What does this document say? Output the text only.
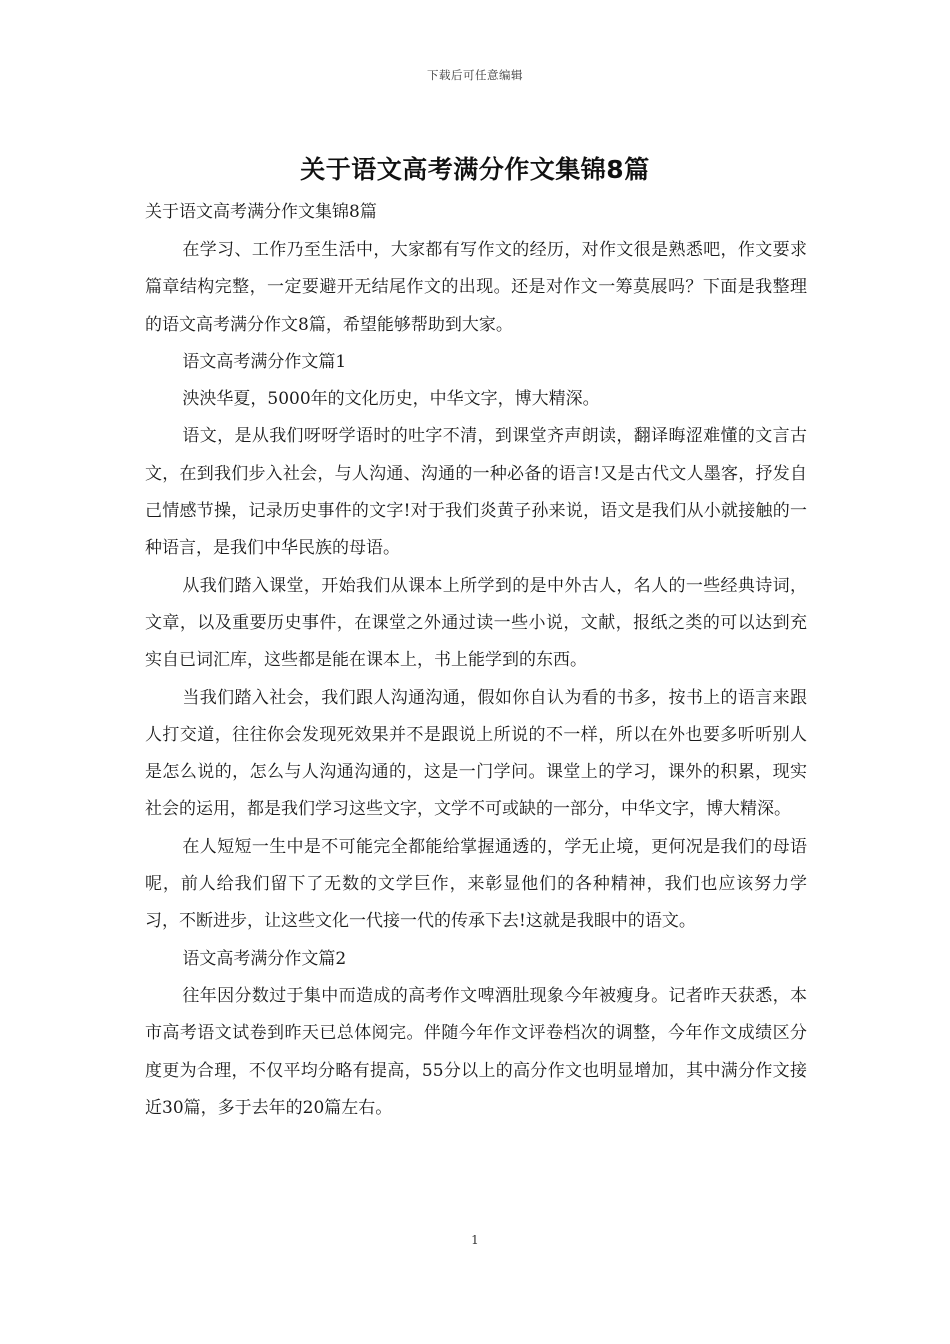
下载后可任意编辑
关于语文高考满分作文集锦8篇

关于语文高考满分作文集锦8篇

在学习、工作乃至生活中，大家都有写作文的经历，对作文很是熟悉吧，作文要求篇章结构完整，一定要避开无结尾作文的出现。还是对作文一筹莫展吗？下面是我整理的语文高考满分作文8篇，希望能够帮助到大家。

语文高考满分作文篇1

泱泱华夏，5000年的文化历史，中华文字，博大精深。

语文，是从我们呀呀学语时的吐字不清，到课堂齐声朗读，翻译晦涩难懂的文言古文，在到我们步入社会，与人沟通、沟通的一种必备的语言!又是古代文人墨客，抒发自己情感节操，记录历史事件的文字!对于我们炎黄子孙来说，语文是我们从小就接触的一种语言，是我们中华民族的母语。

从我们踏入课堂，开始我们从课本上所学到的是中外古人，名人的一些经典诗词，文章，以及重要历史事件，在课堂之外通过读一些小说，文献，报纸之类的可以达到充实自已词汇库，这些都是能在课本上，书上能学到的东西。

当我们踏入社会，我们跟人沟通沟通，假如你自认为看的书多，按书上的语言来跟人打交道，往往你会发现死效果并不是跟说上所说的不一样，所以在外也要多听听别人是怎么说的，怎么与人沟通沟通的，这是一门学问。课堂上的学习，课外的积累，现实社会的运用，都是我们学习这些文字，文学不可或缺的一部分，中华文字，博大精深。

在人短短一生中是不可能完全都能给掌握通透的，学无止境，更何况是我们的母语呢，前人给我们留下了无数的文学巨作，来彰显他们的各种精神，我们也应该努力学习，不断进步，让这些文化一代接一代的传承下去!这就是我眼中的语文。

语文高考满分作文篇2

往年因分数过于集中而造成的高考作文啤酒肚现象今年被瘦身。记者昨天获悉，本市高考语文试卷到昨天已总体阅完。伴随今年作文评卷档次的调整，今年作文成绩区分度更为合理，不仅平均分略有提高，55分以上的高分作文也明显增加，其中满分作文接近30篇，多于去年的20篇左右。

1
